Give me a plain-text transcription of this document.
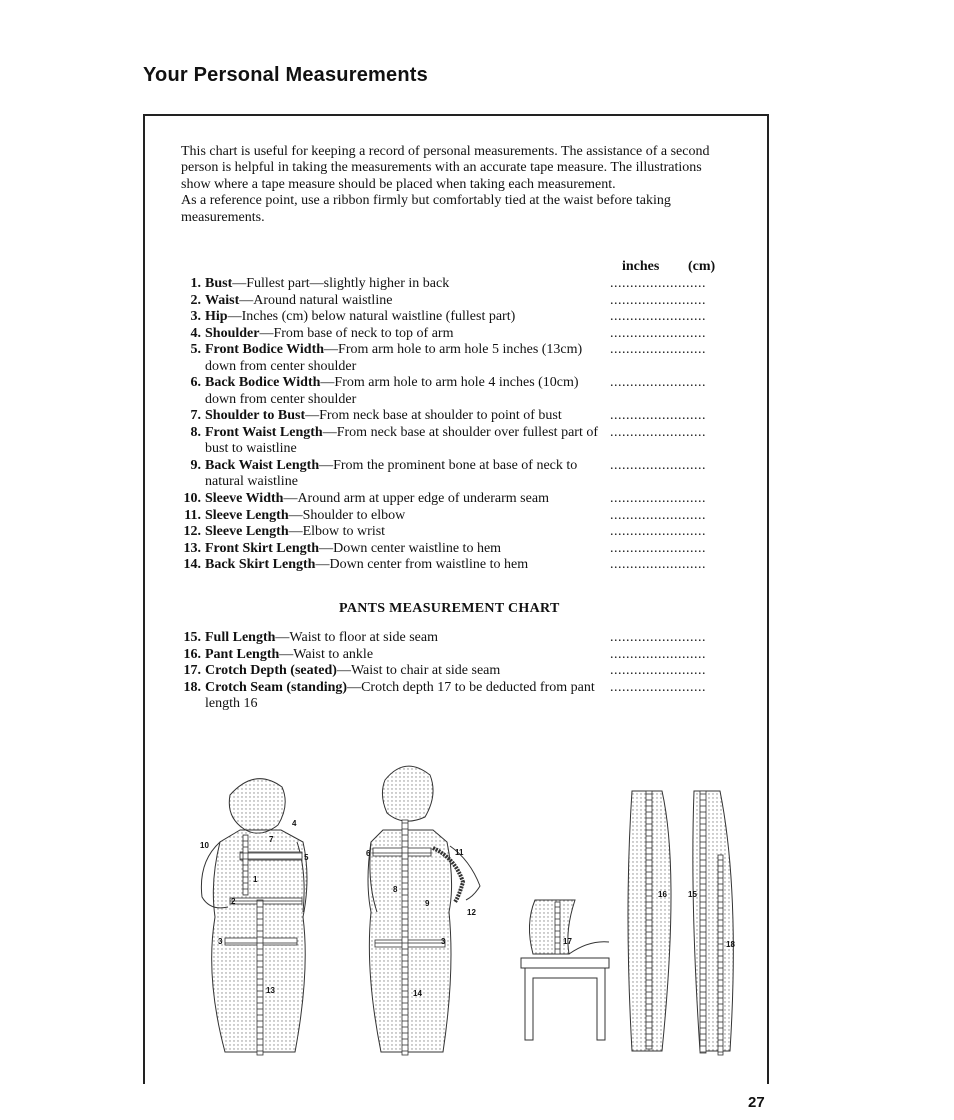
Your Personal Measurements

This chart is useful for keeping a record of personal measurements. The assistance of a second person is helpful in taking the measurements with an accurate tape measure. The illustrations show where a tape measure should be placed when taking each measurement.

As a reference point, use a ribbon firmly but comfortably tied at the waist before taking measurements.

inches (cm)
1. Bust—Fullest part—slightly higher in back	........................
2. Waist—Around natural waistline	........................
3. Hip—Inches (cm) below natural waistline (fullest part)	........................
4. Shoulder—From base of neck to top of arm	........................
5. Front Bodice Width—From arm hole to arm hole 5 inches (13cm) down from center shoulder
........................
6. Back Bodice Width—From arm hole to arm hole 4 inches (10cm) down from center shoulder
........................
7. Shoulder to Bust—From neck base at shoulder to point of bust	........................
8. Front Waist Length—From neck base at shoulder over fullest part of bust to waistline
........................
9. Back Waist Length—From the prominent bone at base of neck to natural waistline
........................
10. Sleeve Width—Around arm at upper edge of underarm seam	........................
11. Sleeve Length—Shoulder to elbow	........................
12. Sleeve Length—Elbow to wrist	........................
13. Front Skirt Length—Down center waistline to hem	........................
14. Back Skirt Length—Down center from waistline to hem	........................
PANTS MEASUREMENT CHART
15. Full Length—Waist to floor at side seam	........................
16. Pant Length—Waist to ankle	........................
17. Crotch Depth (seated)—Waist to chair at side seam	........................
18. Crotch Seam (standing)—Crotch depth 17 to be deducted from pant length 16
........................
10
4
7
5
1
2
3
13
6
8
11
9
12
14
3	17
16	15
18
27
